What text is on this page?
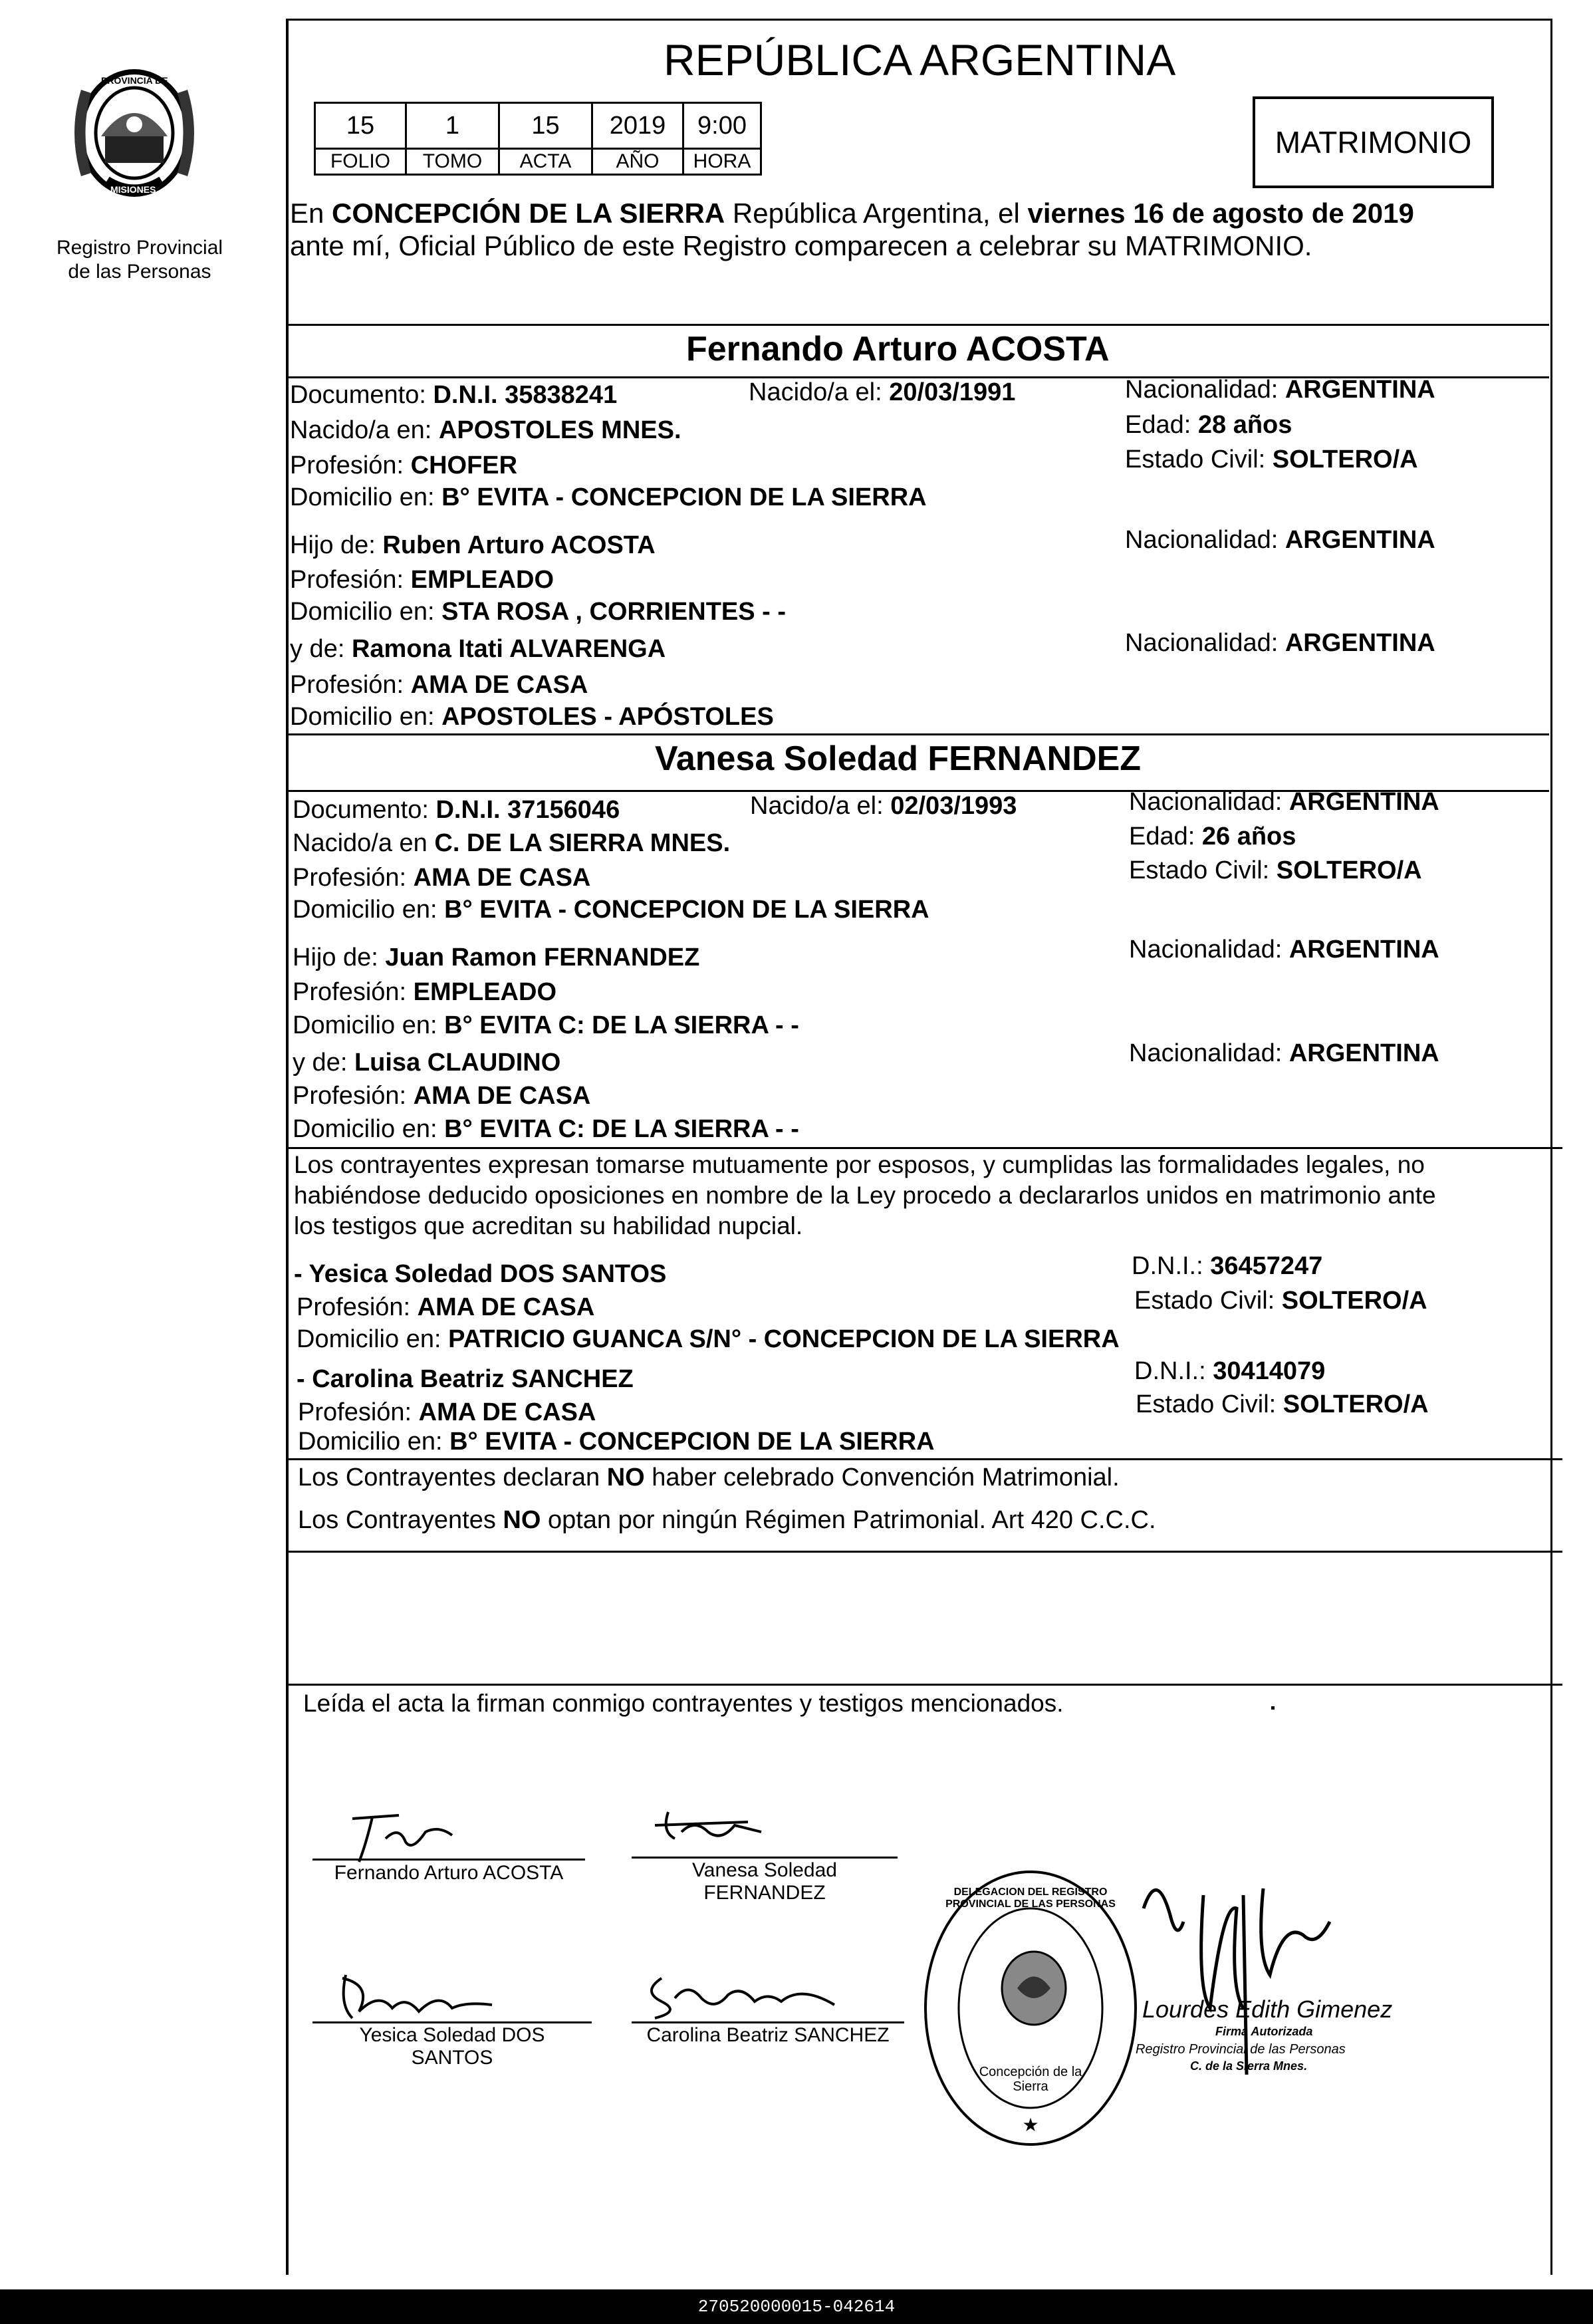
PROVINCIA DE
MISIONES
Registro Provincial
de las Personas
REPÚBLICA ARGENTINA
15	1	15	2019	9:00
FOLIO	TOMO	ACTA	AÑO	HORA
MATRIMONIO
En CONCEPCIÓN DE LA SIERRA República Argentina, el viernes 16 de agosto de 2019
ante mí, Oficial Público de este Registro comparecen a celebrar su MATRIMONIO.
Fernando Arturo ACOSTA
Documento: D.N.I. 35838241	Nacido/a el: 20/03/1991	Nacionalidad: ARGENTINA
Nacido/a en: APOSTOLES MNES.	Edad: 28 años
Profesión: CHOFER	Estado Civil: SOLTERO/A
Domicilio en: B° EVITA - CONCEPCION DE LA SIERRA
Hijo de: Ruben Arturo ACOSTA	Nacionalidad: ARGENTINA
Profesión: EMPLEADO
Domicilio en: STA ROSA , CORRIENTES - -
y de: Ramona Itati ALVARENGA	Nacionalidad: ARGENTINA
Profesión: AMA DE CASA
Domicilio en: APOSTOLES - APÓSTOLES
Vanesa Soledad FERNANDEZ
Documento: D.N.I. 37156046	Nacido/a el: 02/03/1993	Nacionalidad: ARGENTINA
Nacido/a en C. DE LA SIERRA MNES.	Edad: 26 años
Profesión: AMA DE CASA	Estado Civil: SOLTERO/A
Domicilio en: B° EVITA - CONCEPCION DE LA SIERRA
Hijo de: Juan Ramon FERNANDEZ	Nacionalidad: ARGENTINA
Profesión: EMPLEADO
Domicilio en: B° EVITA C: DE LA SIERRA - -
y de: Luisa CLAUDINO	Nacionalidad: ARGENTINA
Profesión: AMA DE CASA
Domicilio en: B° EVITA C: DE LA SIERRA - -
Los contrayentes expresan tomarse mutuamente por esposos, y cumplidas las formalidades legales, no
habiéndose deducido oposiciones en nombre de la Ley procedo a declararlos unidos en matrimonio ante
los testigos que acreditan su habilidad nupcial.
- Yesica Soledad DOS SANTOS	D.N.I.: 36457247
Profesión: AMA DE CASA	Estado Civil: SOLTERO/A
Domicilio en: PATRICIO GUANCA S/N° - CONCEPCION DE LA SIERRA
- Carolina Beatriz SANCHEZ	D.N.I.: 30414079
Profesión: AMA DE CASA	Estado Civil: SOLTERO/A
Domicilio en: B° EVITA - CONCEPCION DE LA SIERRA
Los Contrayentes declaran NO haber celebrado Convención Matrimonial.
Los Contrayentes NO optan por ningún Régimen Patrimonial. Art 420 C.C.C.
Leída el acta la firman conmigo contrayentes y testigos mencionados.
Fernando Arturo ACOSTA	Vanesa Soledad
FERNANDEZ
Yesica Soledad DOS
SANTOS
Carolina Beatriz SANCHEZ
★
DELEGACION DEL REGISTRO PROVINCIAL DE LAS PERSONAS
Concepción de la Sierra
Lourdes Edith Gimenez
Firma Autorizada
Registro Provincial de las Personas
C. de la Sierra Mnes.
270520000015-042614
